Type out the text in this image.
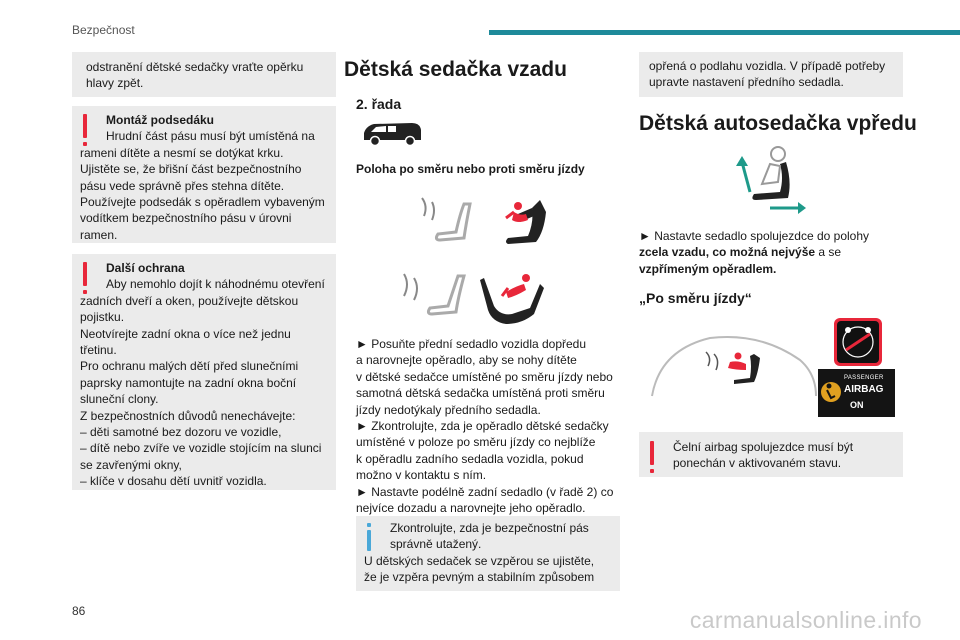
Bezpečnost

odstranění dětské sedačky vraťte opěrku hlavy zpět.

Montáž podsedáku

Hrudní část pásu musí být umístěná na

rameni dítěte a nesmí se dotýkat krku.

Ujistěte se, že břišní část bezpečnostního

pásu vede správně přes stehna dítěte.

Používejte podsedák s opěradlem vybaveným

vodítkem bezpečnostního pásu v úrovni

ramen.

Další ochrana

Aby nemohlo dojít k náhodnému otevření

zadních dveří a oken, používejte dětskou

pojistku.

Neotvírejte zadní okna o více než jednu

třetinu.

Pro ochranu malých dětí před slunečními

paprsky namontujte na zadní okna boční

sluneční clony.

Z bezpečnostních důvodů nenechávejte:

– děti samotné bez dozoru ve vozidle,

– dítě nebo zvíře ve vozidle stojícím na slunci

se zavřenými okny,

– klíče v dosahu dětí uvnitř vozidla.

Dětská sedačka vzadu
2. řada
Poloha po směru nebo proti směru jízdy

► Posuňte přední sedadlo vozidla dopředu

a narovnejte opěradlo, aby se nohy dítěte

v dětské sedačce umístěné po směru jízdy nebo

samotná dětská sedačka umístěná proti směru

jízdy nedotýkaly předního sedadla.

► Zkontrolujte, zda je opěradlo dětské sedačky

umístěné v poloze po směru jízdy co nejblíže

k opěradlu zadního sedadla vozidla, pokud

možno v kontaktu s ním.

► Nastavte podélně zadní sedadlo (v řadě 2) co

nejvíce dozadu a narovnejte jeho opěradlo.

Zkontrolujte, zda je bezpečnostní pás

správně utažený.

U dětských sedaček se vzpěrou se ujistěte,

že je vzpěra pevným a stabilním způsobem

opřená o podlahu vozidla. V případě potřeby

upravte nastavení předního sedadla.

Dětská autosedačka vpředu

► Nastavte sedadlo spolujezdce do polohy

zcela vzadu, co možná nejvýše a se

vzpřímeným opěradlem.

„Po směru jízdy“
PASSENGER
AIRBAG
ON

Čelní airbag spolujezdce musí být

ponechán v aktivovaném stavu.

86	carmanualsonline.info
